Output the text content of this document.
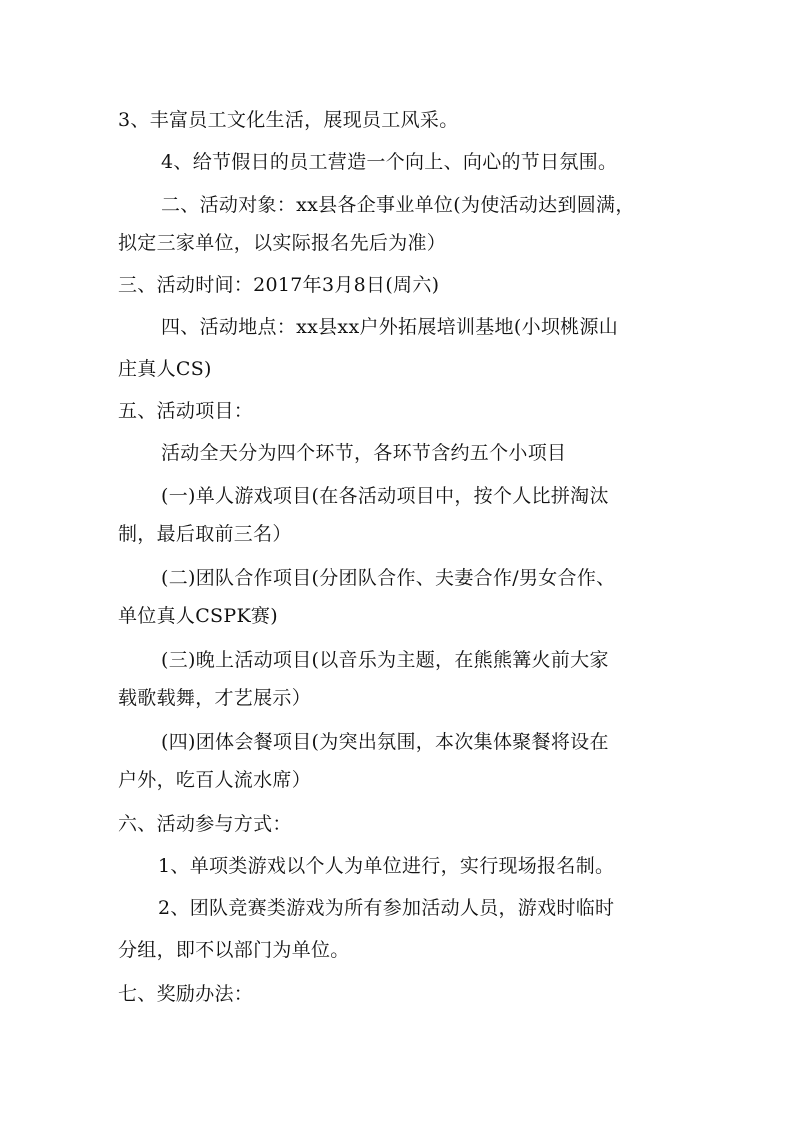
3、丰富员工文化生活，展现员工风采。
4、给节假日的员工营造一个向上、向心的节日氛围。
二、活动对象：xx县各企事业单位(为使活动达到圆满，
拟定三家单位，以实际报名先后为准）
三、活动时间：2017年3月8日(周六)
四、活动地点：xx县xx户外拓展培训基地(小坝桃源山
庄真人CS)
五、活动项目：
活动全天分为四个环节，各环节含约五个小项目
(一)单人游戏项目(在各活动项目中，按个人比拼淘汰
制，最后取前三名）
(二)团队合作项目(分团队合作、夫妻合作/男女合作、
单位真人CSPK赛)
(三)晚上活动项目(以音乐为主题，在熊熊篝火前大家
载歌载舞，才艺展示）
(四)团体会餐项目(为突出氛围，本次集体聚餐将设在
户外，吃百人流水席）
六、活动参与方式：
1、单项类游戏以个人为单位进行，实行现场报名制。
2、团队竞赛类游戏为所有参加活动人员，游戏时临时
分组，即不以部门为单位。
七、奖励办法：
